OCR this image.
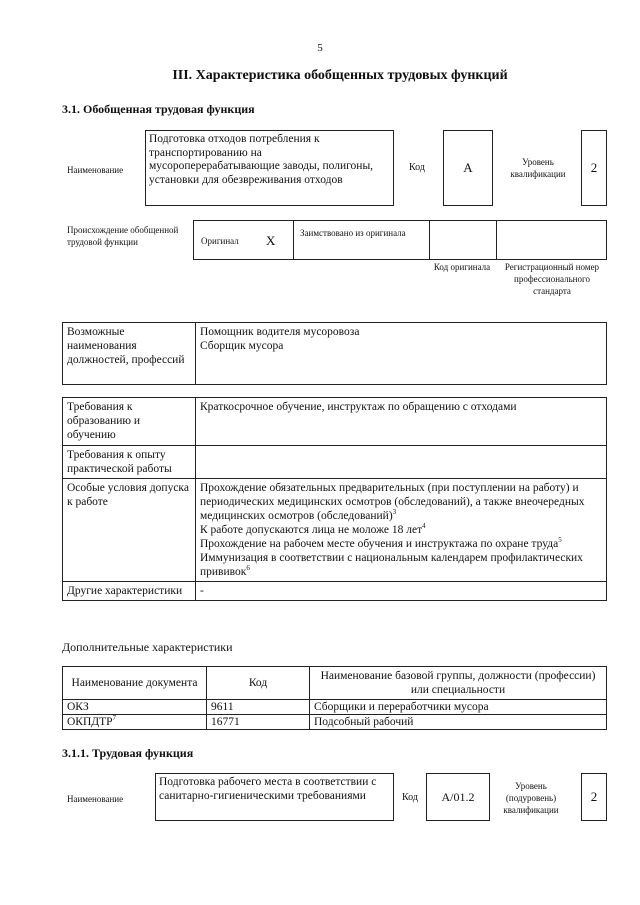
5
III. Характеристика обобщенных трудовых функций
3.1. Обобщенная трудовая функция
Наименование
Подготовка отходов потребления к транспортированию на мусороперерабатывающие заводы, полигоны, установки для обезвреживания отходов
Код	A	Уровень квалификации	2
Происхождение обобщенной трудовой функции	Оригинал X	Заимствовано из оригинала
Код оригинала	Регистрационный номер профессионального стандарта
Возможные наименования должностей, профессий	
Помощник водителя мусоровоза
Сборщик мусора
Требования к образованию и обучению	Краткосрочное обучение, инструктаж по обращению с отходами
Требования к опыту практической работы	
Особые условия допуска к работе	Прохождение обязательных предварительных (при поступлении на работу) и периодических медицинских осмотров (обследований), а также внеочередных медицинских осмотров (обследований)$^3$
К работе допускаются лица не моложе 18 лет$^4$
Прохождение на рабочем месте обучения и инструктажа по охране труда$^5$
Иммунизация в соответствии с национальным календарем профилактических прививок$^6$

Другие характеристики	-
Дополнительные характеристики
Наименование документа	Код	Наименование базовой группы, должности (профессии) или специальности
ОКЗ	9611	Сборщики и переработчики мусора
ОКПДТР$^7$	16771	Подсобный рабочий
3.1.1. Трудовая функция
Наименование
Подготовка рабочего места в соответствии с санитарно-гигиеническими требованиями	Код	A/01.2
Уровень (подуровень) квалификации
2
